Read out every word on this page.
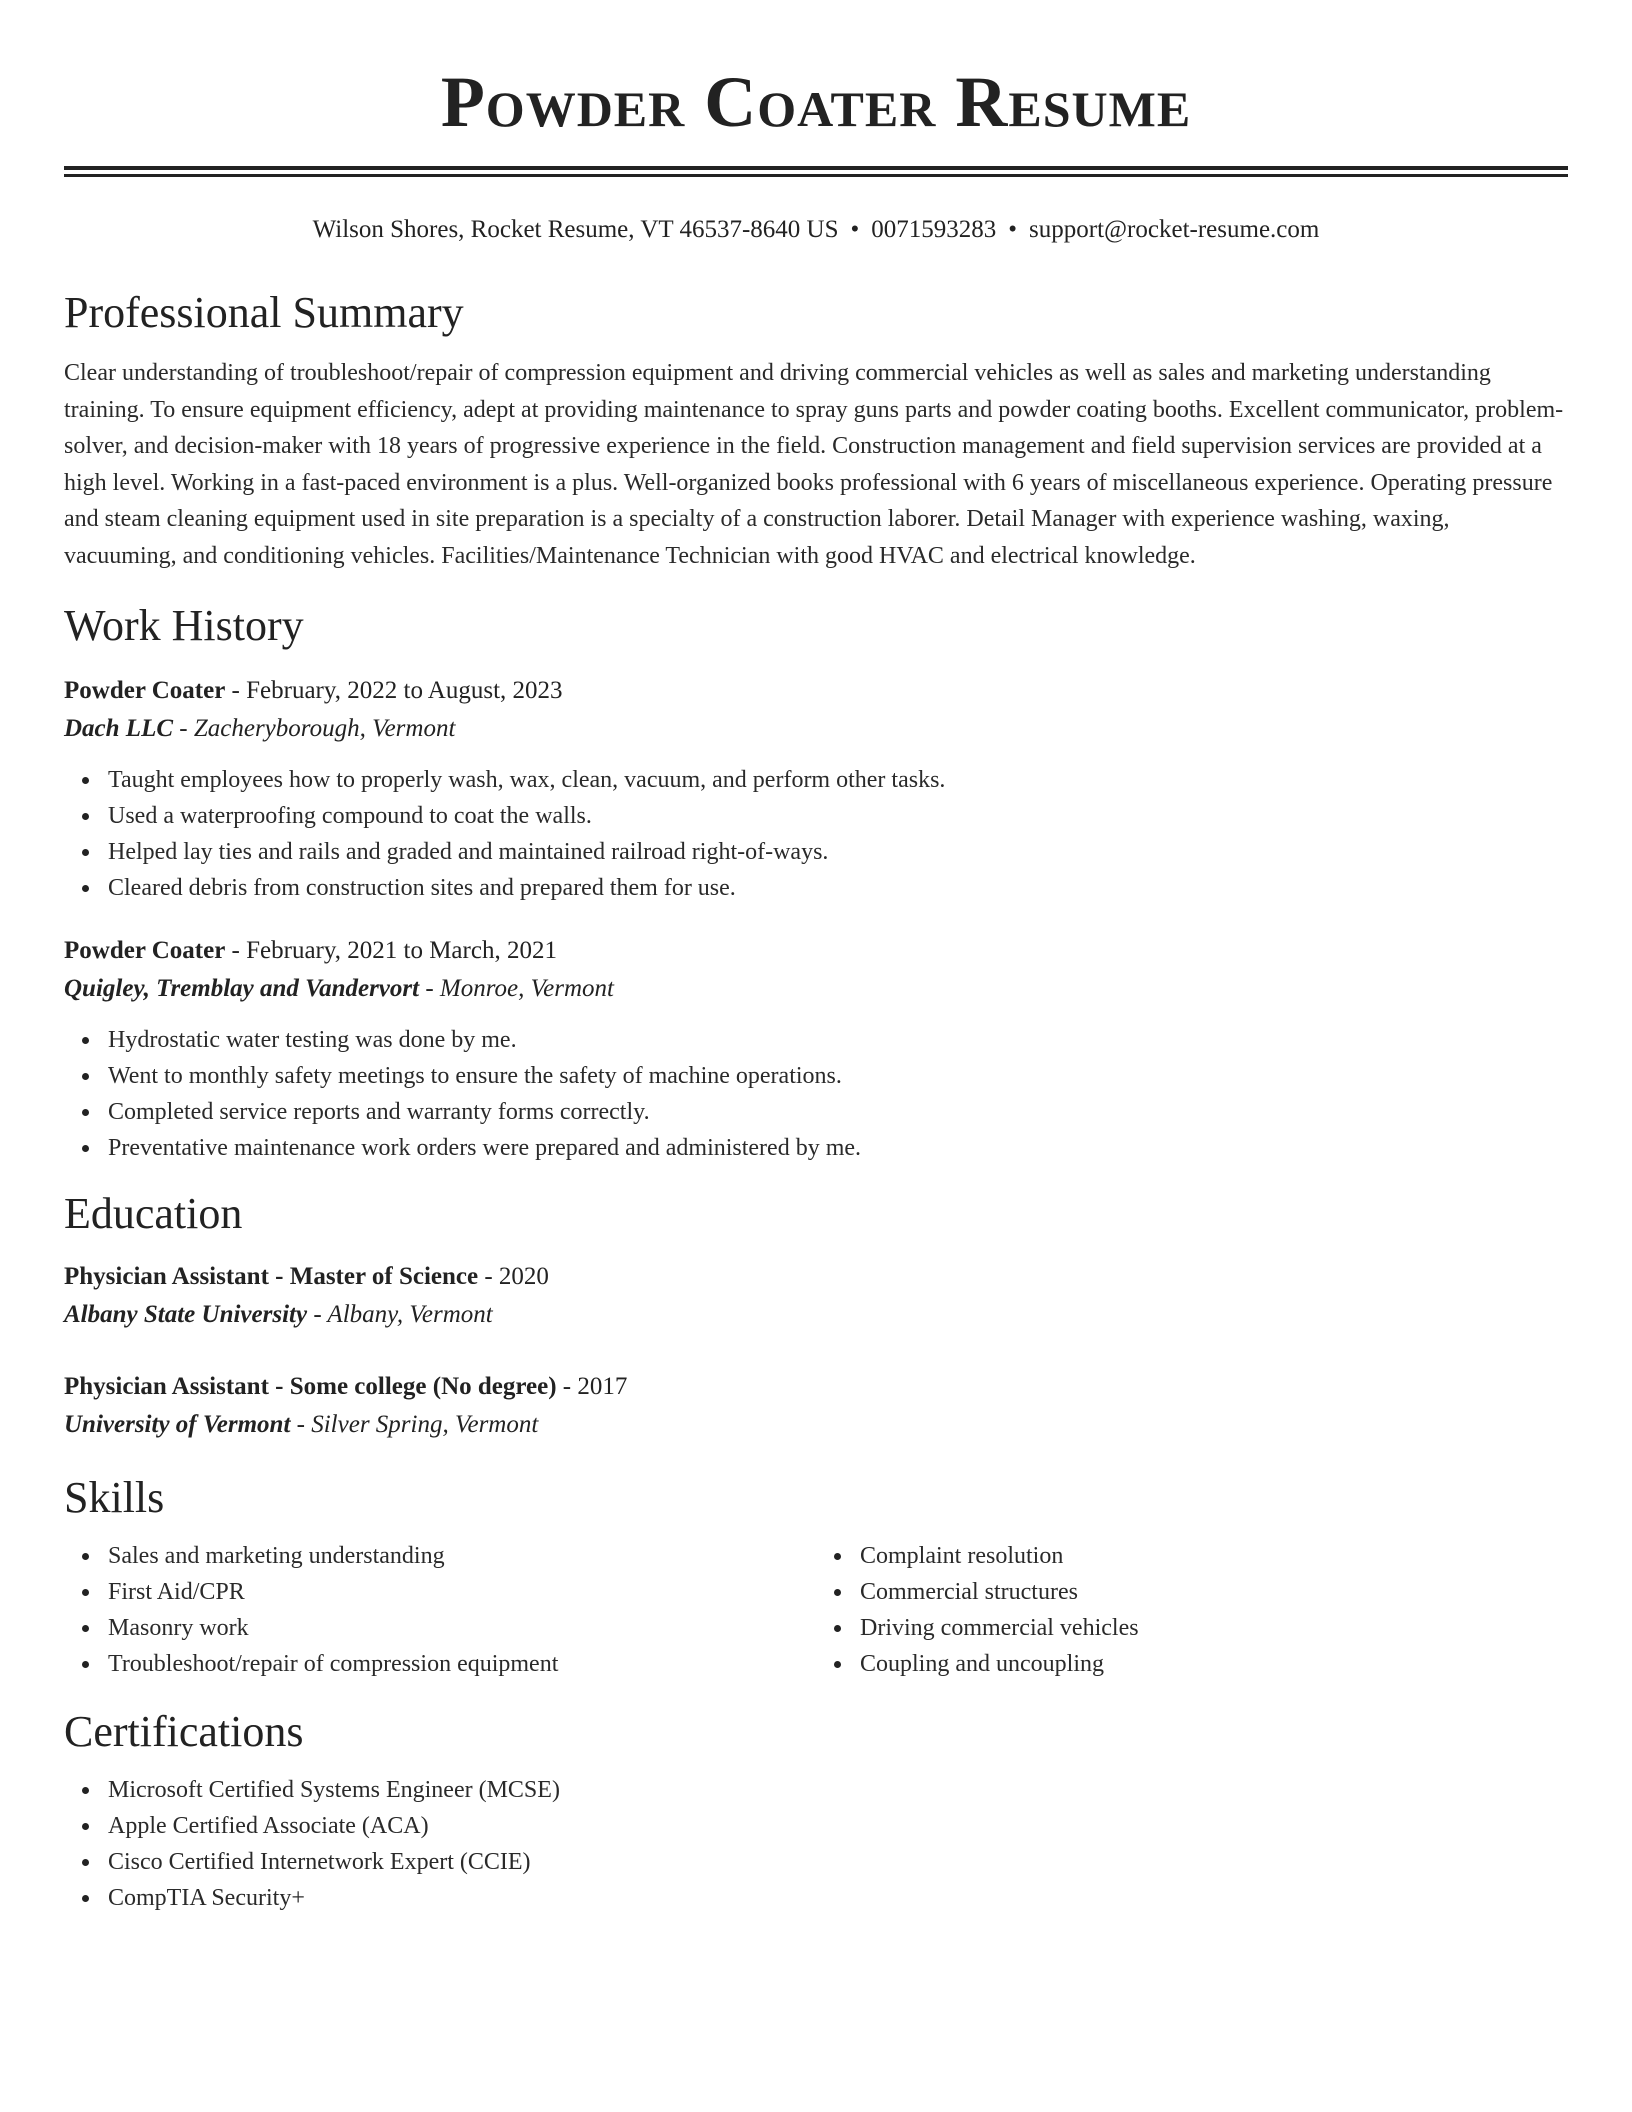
Powder Coater Resume
Wilson Shores, Rocket Resume, VT 46537-8640 US • 0071593283 • support@rocket-resume.com
Professional Summary

Clear understanding of troubleshoot/repair of compression equipment and driving commercial vehicles as well as sales and marketing understanding training. To ensure equipment efficiency, adept at providing maintenance to spray guns parts and powder coating booths. Excellent communicator, problem-solver, and decision-maker with 18 years of progressive experience in the field. Construction management and field supervision services are provided at a high level. Working in a fast-paced environment is a plus. Well-organized books professional with 6 years of miscellaneous experience. Operating pressure and steam cleaning equipment used in site preparation is a specialty of a construction laborer. Detail Manager with experience washing, waxing, vacuuming, and conditioning vehicles. Facilities/Maintenance Technician with good HVAC and electrical knowledge.

Work History
Powder Coater - February, 2022 to August, 2023
Dach LLC - Zacheryborough, Vermont
Taught employees how to properly wash, wax, clean, vacuum, and perform other tasks.
Used a waterproofing compound to coat the walls.
Helped lay ties and rails and graded and maintained railroad right-of-ways.
Cleared debris from construction sites and prepared them for use.
Powder Coater - February, 2021 to March, 2021
Quigley, Tremblay and Vandervort - Monroe, Vermont
Hydrostatic water testing was done by me.
Went to monthly safety meetings to ensure the safety of machine operations.
Completed service reports and warranty forms correctly.
Preventative maintenance work orders were prepared and administered by me.
Education
Physician Assistant - Master of Science - 2020
Albany State University - Albany, Vermont
Physician Assistant - Some college (No degree) - 2017
University of Vermont - Silver Spring, Vermont
Skills
Sales and marketing understanding
First Aid/CPR
Masonry work
Troubleshoot/repair of compression equipment
Complaint resolution
Commercial structures
Driving commercial vehicles
Coupling and uncoupling
Certifications
Microsoft Certified Systems Engineer (MCSE)
Apple Certified Associate (ACA)
Cisco Certified Internetwork Expert (CCIE)
CompTIA Security+
